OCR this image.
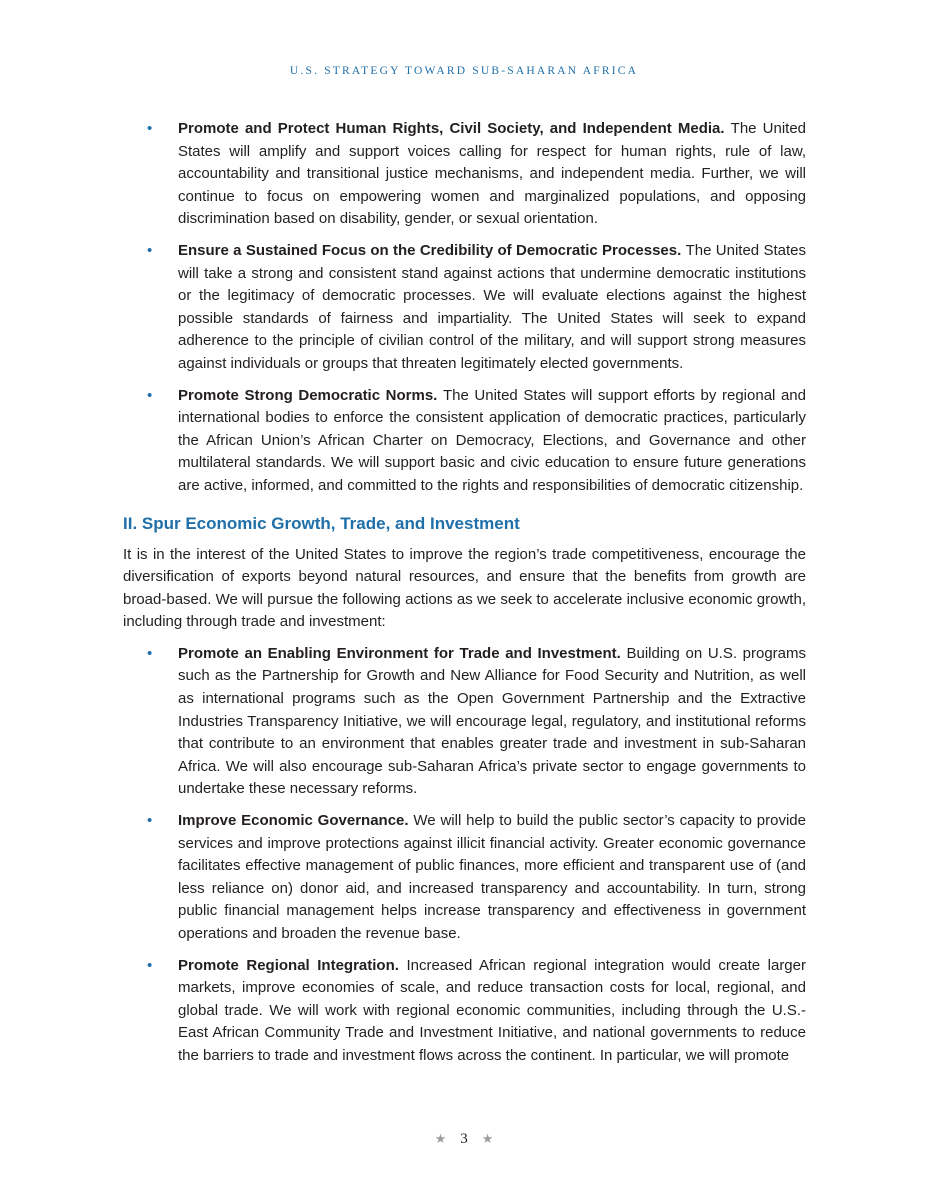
U.S. STRATEGY TOWARD SUB-SAHARAN AFRICA
• Promote and Protect Human Rights, Civil Society, and Independent Media. The United States will amplify and support voices calling for respect for human rights, rule of law, accountability and transitional justice mechanisms, and independent media. Further, we will continue to focus on empowering women and marginalized populations, and opposing discrimination based on disability, gender, or sexual orientation.
• Ensure a Sustained Focus on the Credibility of Democratic Processes. The United States will take a strong and consistent stand against actions that undermine democratic institutions or the legitimacy of democratic processes. We will evaluate elections against the highest possible standards of fairness and impartiality. The United States will seek to expand adherence to the principle of civilian control of the military, and will support strong measures against individuals or groups that threaten legitimately elected governments.
• Promote Strong Democratic Norms. The United States will support efforts by regional and international bodies to enforce the consistent application of democratic practices, particularly the African Union’s African Charter on Democracy, Elections, and Governance and other multilateral standards. We will support basic and civic education to ensure future generations are active, informed, and committed to the rights and responsibilities of democratic citizenship.
II. Spur Economic Growth, Trade, and Investment

It is in the interest of the United States to improve the region’s trade competitiveness, encourage the diversification of exports beyond natural resources, and ensure that the benefits from growth are broad-based. We will pursue the following actions as we seek to accelerate inclusive economic growth, including through trade and investment:

• Promote an Enabling Environment for Trade and Investment. Building on U.S. programs such as the Partnership for Growth and New Alliance for Food Security and Nutrition, as well as international programs such as the Open Government Partnership and the Extractive Industries Transparency Initiative, we will encourage legal, regulatory, and institutional reforms that contribute to an environment that enables greater trade and investment in sub-Saharan Africa. We will also encourage sub-Saharan Africa’s private sector to engage governments to undertake these necessary reforms.
• Improve Economic Governance. We will help to build the public sector’s capacity to provide services and improve protections against illicit financial activity. Greater economic governance facilitates effective management of public finances, more efficient and transparent use of (and less reliance on) donor aid, and increased transparency and accountability. In turn, strong public financial management helps increase transparency and effectiveness in government operations and broaden the revenue base.
• Promote Regional Integration. Increased African regional integration would create larger markets, improve economies of scale, and reduce transaction costs for local, regional, and global trade. We will work with regional economic communities, including through the U.S.-East African Community Trade and Investment Initiative, and national governments to reduce the barriers to trade and investment flows across the continent. In particular, we will promote
★ 3 ★
